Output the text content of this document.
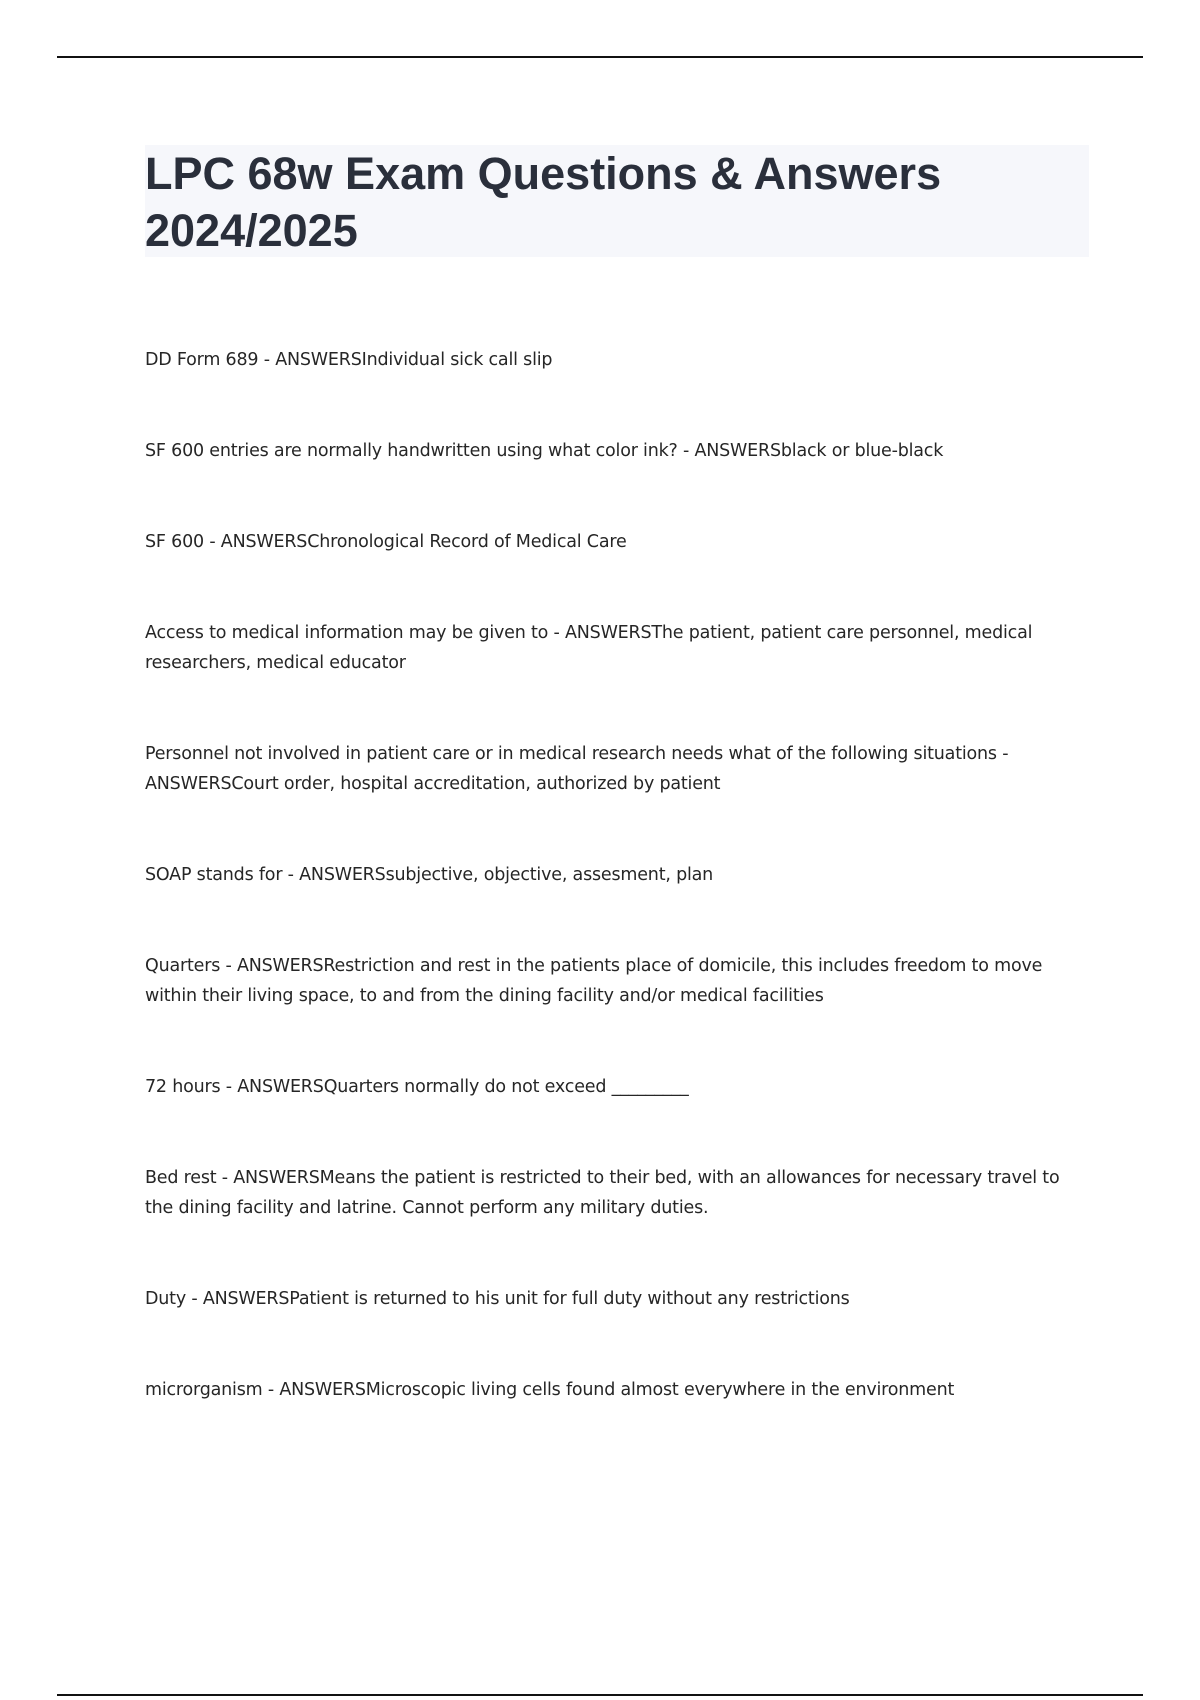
LPC 68w Exam Questions & Answers 2024/2025
DD Form 689 - ANSWERSIndividual sick call slip
SF 600 entries are normally handwritten using what color ink? - ANSWERSblack or blue-black
SF 600 - ANSWERSChronological Record of Medical Care
Access to medical information may be given to - ANSWERSThe patient, patient care personnel, medical researchers, medical educator
Personnel not involved in patient care or in medical research needs what of the following situations - ANSWERSCourt order, hospital accreditation, authorized by patient
SOAP stands for - ANSWERSsubjective, objective, assesment, plan
Quarters - ANSWERSRestriction and rest in the patients place of domicile, this includes freedom to move within their living space, to and from the dining facility and/or medical facilities
72 hours - ANSWERSQuarters normally do not exceed _________
Bed rest - ANSWERSMeans the patient is restricted to their bed, with an allowances for necessary travel to the dining facility and latrine. Cannot perform any military duties.
Duty - ANSWERSPatient is returned to his unit for full duty without any restrictions
microrganism - ANSWERSMicroscopic living cells found almost everywhere in the environment
